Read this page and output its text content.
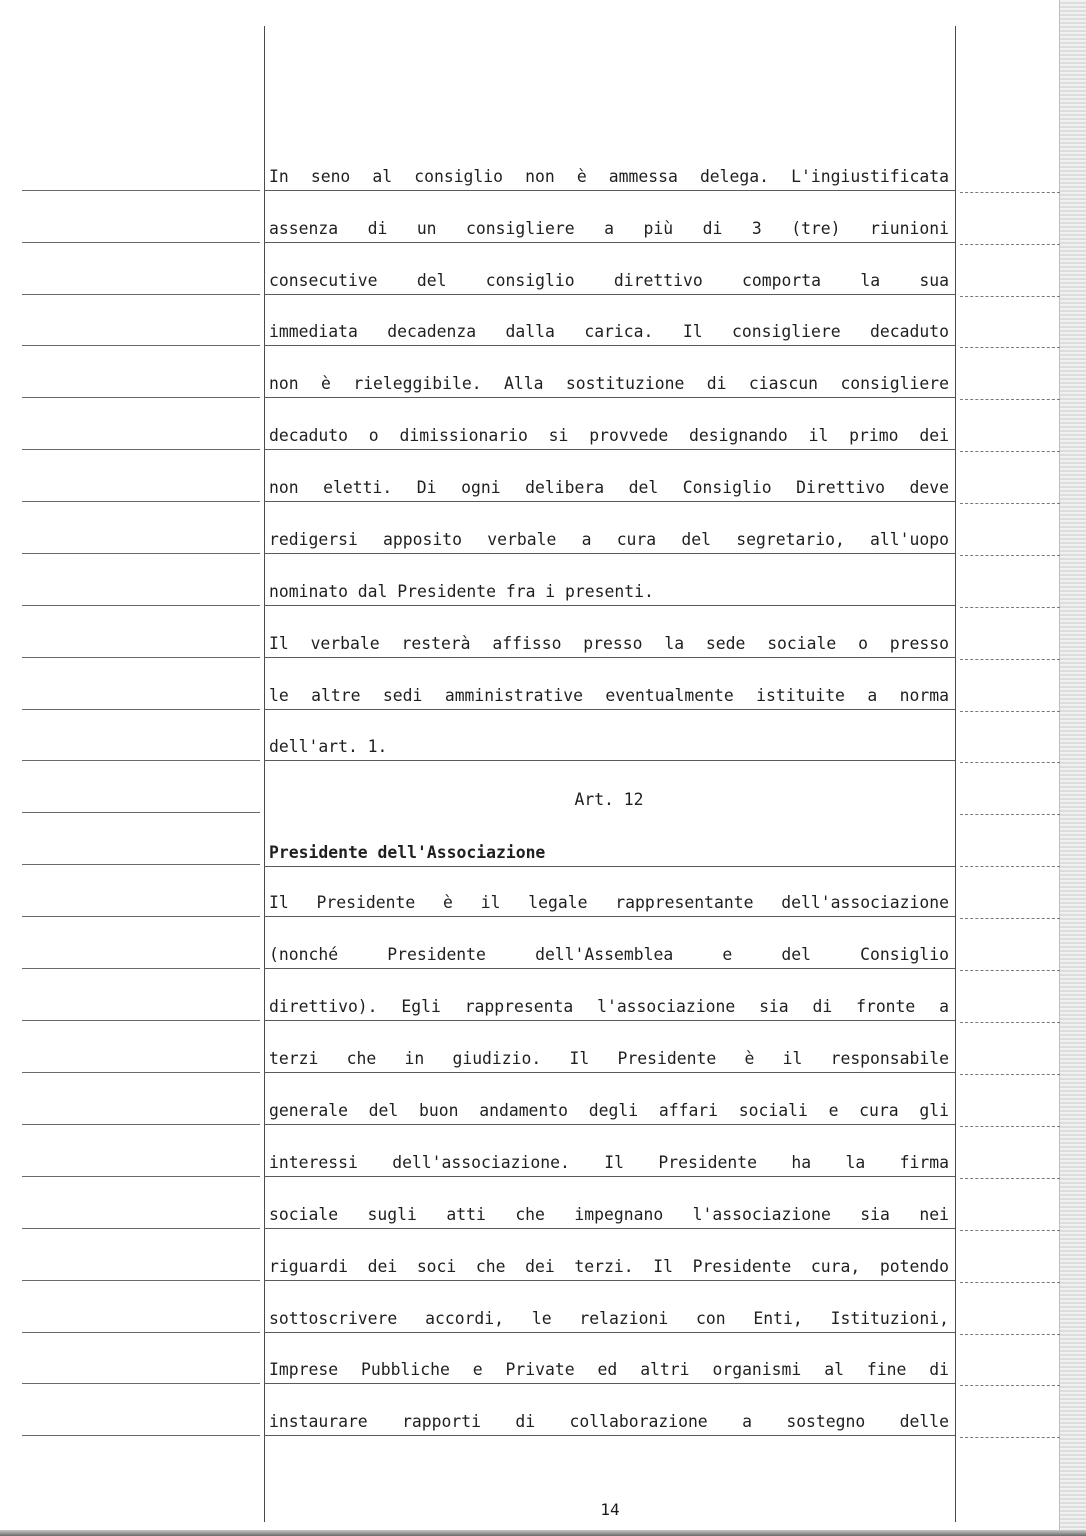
In seno al consiglio non è ammessa delega. L'ingiustificata
assenza di un consigliere a più di 3 (tre) riunioni
consecutive del consiglio direttivo comporta la sua
immediata decadenza dalla carica. Il consigliere decaduto
non è rieleggibile. Alla sostituzione di ciascun consigliere
decaduto o dimissionario si provvede designando il primo dei
non eletti. Di ogni delibera del Consiglio Direttivo deve
redigersi apposito verbale a cura del segretario, all'uopo
nominato dal Presidente fra i presenti.
Il verbale resterà affisso presso la sede sociale o presso
le altre sedi amministrative eventualmente istituite a norma
dell'art. 1.
Art. 12
Presidente dell'Associazione
Il Presidente è il legale rappresentante dell'associazione
(nonché Presidente dell'Assemblea e del Consiglio
direttivo). Egli rappresenta l'associazione sia di fronte a
terzi che in giudizio. Il Presidente è il responsabile
generale del buon andamento degli affari sociali e cura gli
interessi dell'associazione. Il Presidente ha la firma
sociale sugli atti che impegnano l'associazione sia nei
riguardi dei soci che dei terzi. Il Presidente cura, potendo
sottoscrivere accordi, le relazioni con Enti, Istituzioni,
Imprese Pubbliche e Private ed altri organismi al fine di
instaurare rapporti di collaborazione a sostegno delle
14
